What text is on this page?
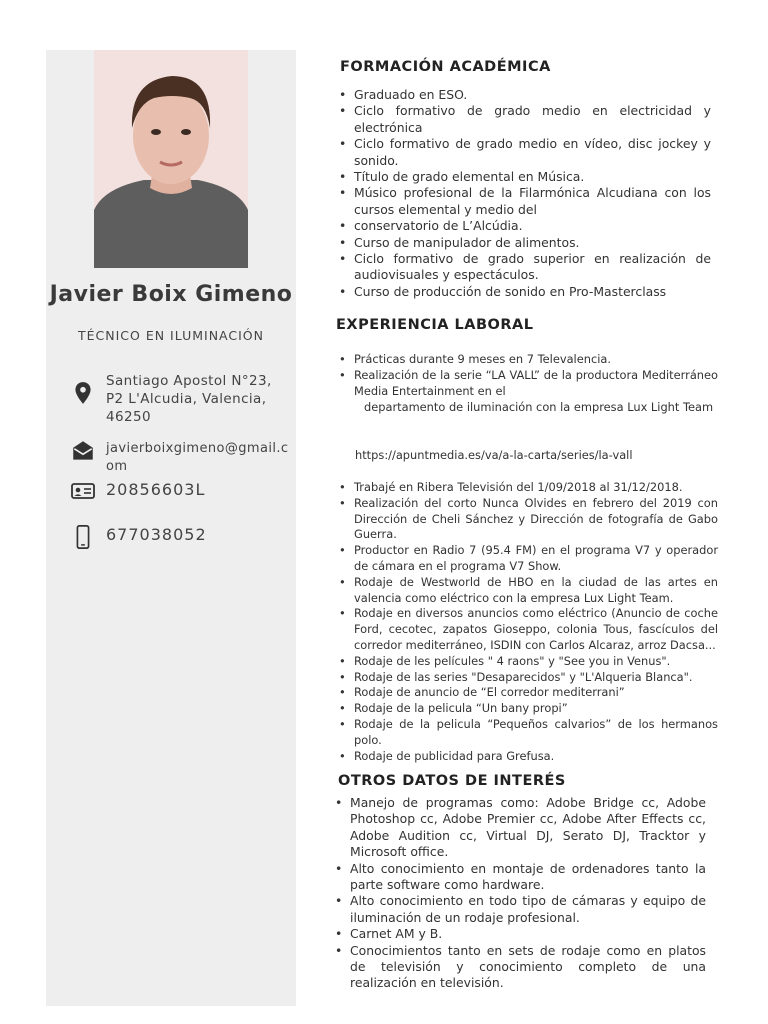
Javier Boix Gimeno
TÉCNICO EN ILUMINACIÓN
Santiago Apostol N°23, P2 L'Alcudia, Valencia, 46250
javierboixgimeno@gmail.com
20856603L
677038052
FORMACIÓN ACADÉMICA
• Graduado en ESO.
• Ciclo formativo de grado medio en electricidad y electrónica
• Ciclo formativo de grado medio en vídeo, disc jockey y sonido.
• Título de grado elemental en Música.
• Músico profesional de la Filarmónica Alcudiana con los cursos elemental y medio del
• conservatorio de L’Alcúdia.
• Curso de manipulador de alimentos.
• Ciclo formativo de grado superior en realización de audiovisuales y espectáculos.
• Curso de producción de sonido en Pro-Masterclass
EXPERIENCIA LABORAL
• Prácticas durante 9 meses en 7 Televalencia.
• Realización de la serie “LA VALL” de la productora Mediterráneo Media Entertainment en el
departamento de iluminación con la empresa Lux Light Team
https://apuntmedia.es/va/a-la-carta/series/la-vall
• Trabajé en Ribera Televisión del 1/09/2018 al 31/12/2018.
• Realización del corto Nunca Olvides en febrero del 2019 con Dirección de Cheli Sánchez y Dirección de fotografía de Gabo Guerra.
• Productor en Radio 7 (95.4 FM) en el programa V7 y operador de cámara en el programa V7 Show.
• Rodaje de Westworld de HBO en la ciudad de las artes en valencia como eléctrico con la empresa Lux Light Team.
• Rodaje en diversos anuncios como eléctrico (Anuncio de coche Ford, cecotec, zapatos Gioseppo, colonia Tous, fascículos del corredor mediterráneo, ISDIN con Carlos Alcaraz, arroz Dacsa...
• Rodaje de les películes " 4 raons" y "See you in Venus".
• Rodaje de las series "Desaparecidos" y "L'Alqueria Blanca".
• Rodaje de anuncio de “El corredor mediterrani”
• Rodaje de la pelicula “Un bany propi”
• Rodaje de la pelicula “Pequeños calvarios” de los hermanos polo.
• Rodaje de publicidad para Grefusa.
OTROS DATOS DE INTERÉS
• Manejo de programas como: Adobe Bridge cc, Adobe Photoshop cc, Adobe Premier cc, Adobe After Effects cc, Adobe Audition cc, Virtual DJ, Serato DJ, Tracktor y Microsoft office.
• Alto conocimiento en montaje de ordenadores tanto la parte software como hardware.
• Alto conocimiento en todo tipo de cámaras y equipo de iluminación de un rodaje profesional.
• Carnet AM y B.
• Conocimientos tanto en sets de rodaje como en platos de televisión y conocimiento completo de una realización en televisión.
